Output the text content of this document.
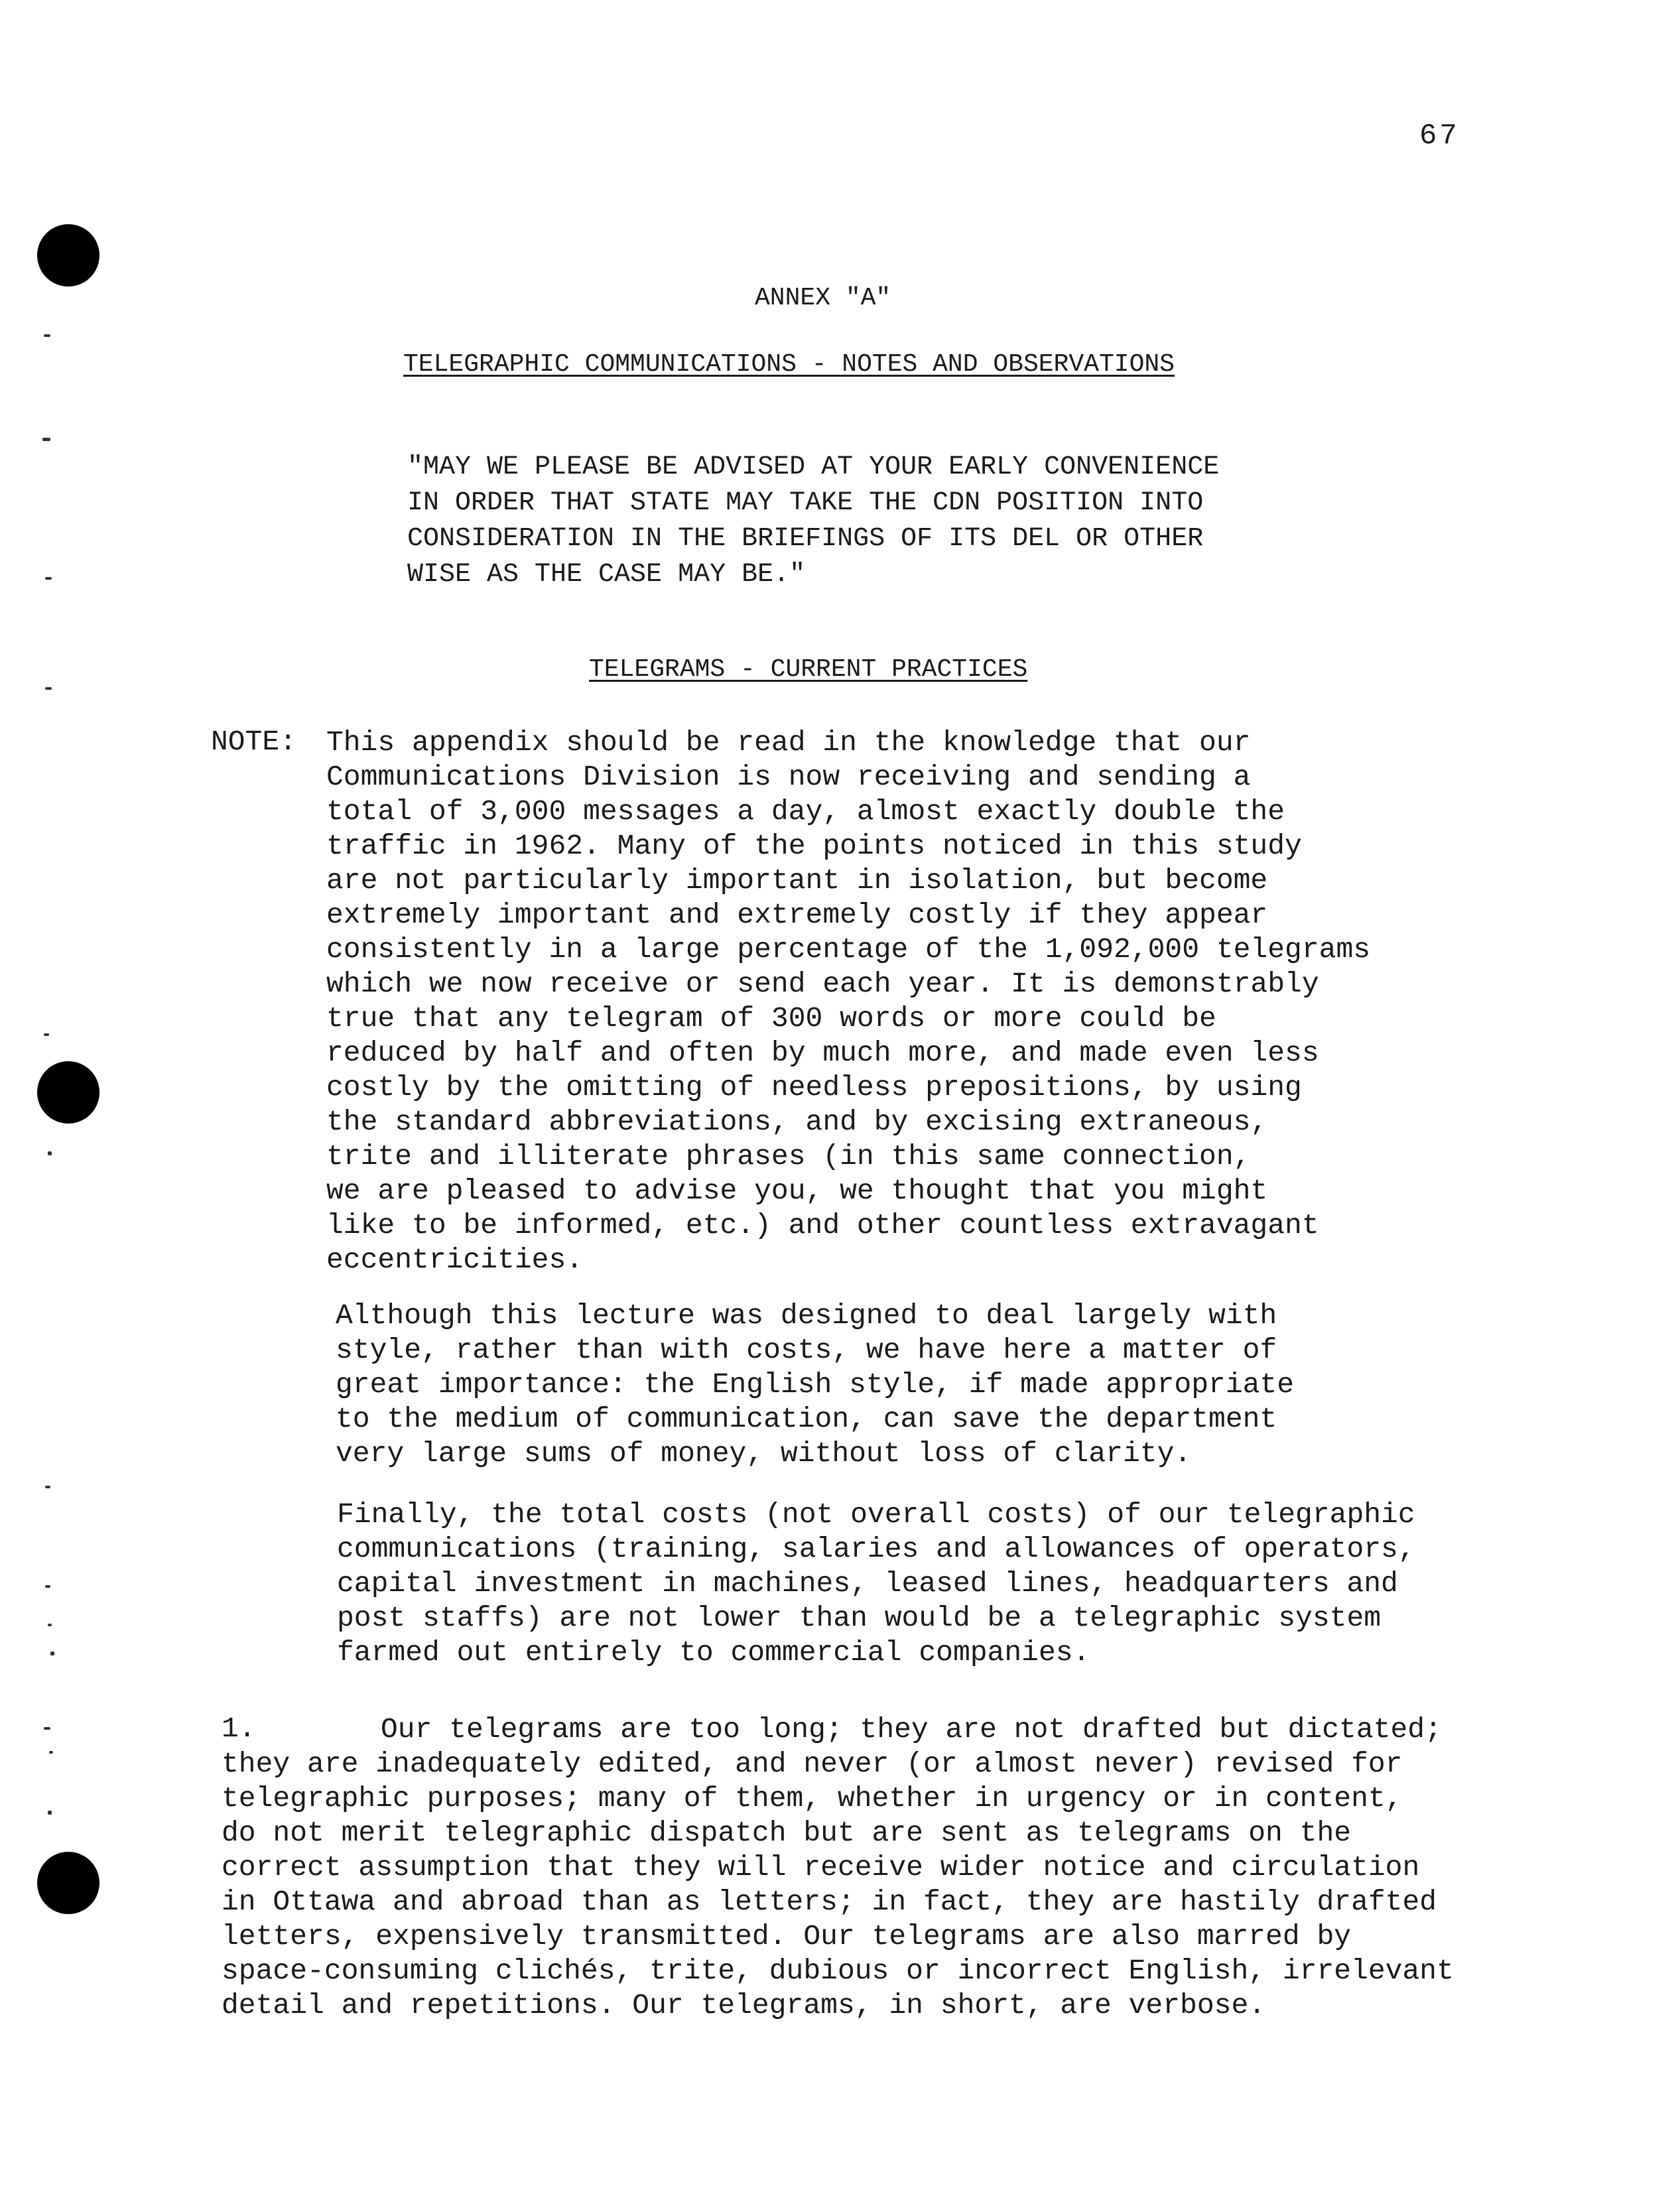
67
ANNEX "A"
TELEGRAPHIC COMMUNICATIONS - NOTES AND OBSERVATIONS
"MAY WE PLEASE BE ADVISED AT YOUR EARLY CONVENIENCE
IN ORDER THAT STATE MAY TAKE THE CDN POSITION INTO
CONSIDERATION IN THE BRIEFINGS OF ITS DEL OR OTHER
WISE AS THE CASE MAY BE."
TELEGRAMS - CURRENT PRACTICES
NOTE: This appendix should be read in the knowledge that our
Communications Division is now receiving and sending a
total of 3,000 messages a day, almost exactly double the
traffic in 1962. Many of the points noticed in this study
are not particularly important in isolation, but become
extremely important and extremely costly if they appear
consistently in a large percentage of the 1,092,000 telegrams
which we now receive or send each year. It is demonstrably
true that any telegram of 300 words or more could be
reduced by half and often by much more, and made even less
costly by the omitting of needless prepositions, by using
the standard abbreviations, and by excising extraneous,
trite and illiterate phrases (in this same connection,
we are pleased to advise you, we thought that you might
like to be informed, etc.) and other countless extravagant
eccentricities.
Although this lecture was designed to deal largely with
style, rather than with costs, we have here a matter of
great importance: the English style, if made appropriate
to the medium of communication, can save the department
very large sums of money, without loss of clarity.
Finally, the total costs (not overall costs) of our telegraphic
communications (training, salaries and allowances of operators,
capital investment in machines, leased lines, headquarters and
post staffs) are not lower than would be a telegraphic system
farmed out entirely to commercial companies.
1.	Our telegrams are too long; they are not drafted but dictated;
they are inadequately edited, and never (or almost never) revised for
telegraphic purposes; many of them, whether in urgency or in content,
do not merit telegraphic dispatch but are sent as telegrams on the
correct assumption that they will receive wider notice and circulation
in Ottawa and abroad than as letters; in fact, they are hastily drafted
letters, expensively transmitted. Our telegrams are also marred by
space-consuming clichés, trite, dubious or incorrect English, irrelevant
detail and repetitions. Our telegrams, in short, are verbose.
